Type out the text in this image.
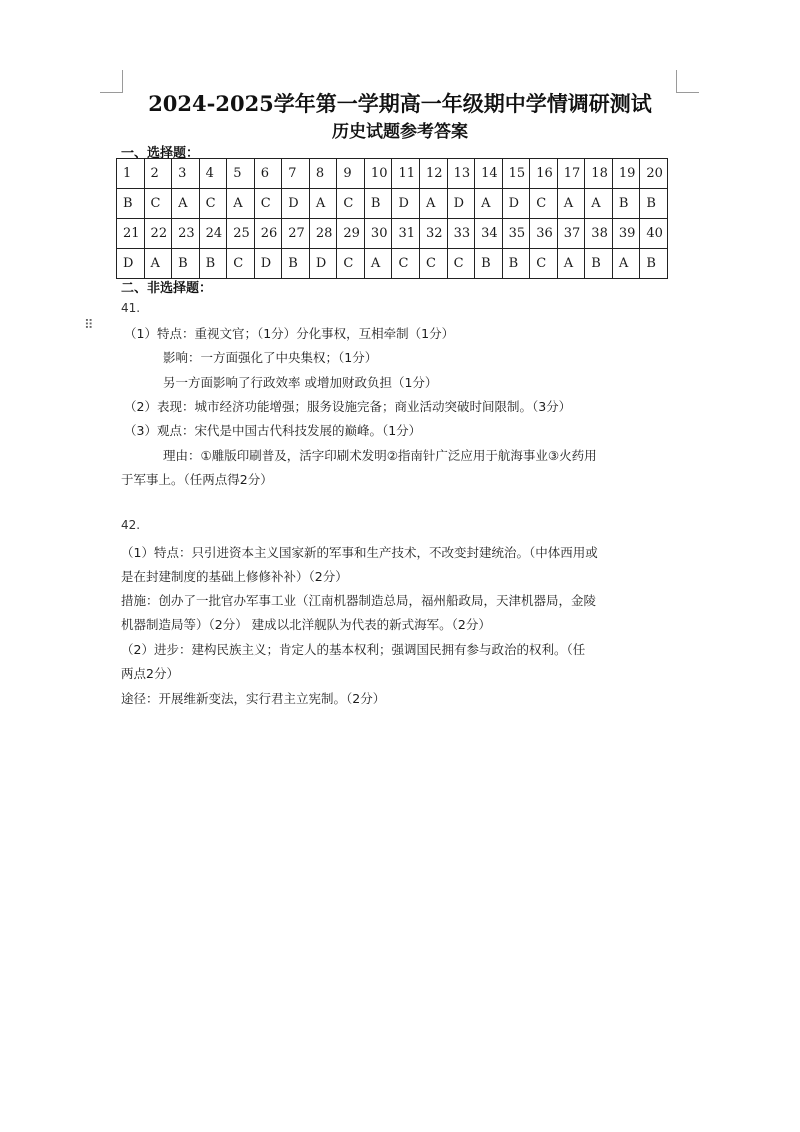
⠿
2024-2025学年第一学期高一年级期中学情调研测试
历史试题参考答案
一、选择题：
1	2	3	4	5	6	7	8	9	10	11	12	13	14	15	16	17	18	19	20
B	C	A	C	A	C	D	A	C	B	D	A	D	A	D	C	A	A	B	B
21	22	23	24	25	26	27	28	29	30	31	32	33	34	35	36	37	38	39	40
D	A	B	B	C	D	B	D	C	A	C	C	C	B	B	C	A	B	A	B
二、非选择题：
41.
（1）特点：重视文官；（1分）分化事权，互相牵制（1分）
影响：一方面强化了中央集权；（1分）
另一方面影响了行政效率 或增加财政负担（1分）
（2）表现：城市经济功能增强；服务设施完备；商业活动突破时间限制。（3分）
（3）观点：宋代是中国古代科技发展的巅峰。（1分）
理由：①雕版印刷普及，活字印刷术发明②指南针广泛应用于航海事业③火药用
于军事上。（任两点得2分）
42.
（1）特点：只引进资本主义国家新的军事和生产技术，不改变封建统治。（中体西用或
是在封建制度的基础上修修补补）（2分）
措施：创办了一批官办军事工业（江南机器制造总局，福州船政局，天津机器局，金陵
机器制造局等）（2分） 建成以北洋舰队为代表的新式海军。（2分）
（2）进步：建构民族主义；肯定人的基本权利；强调国民拥有参与政治的权利。（任
两点2分）
途径：开展维新变法，实行君主立宪制。（2分）
